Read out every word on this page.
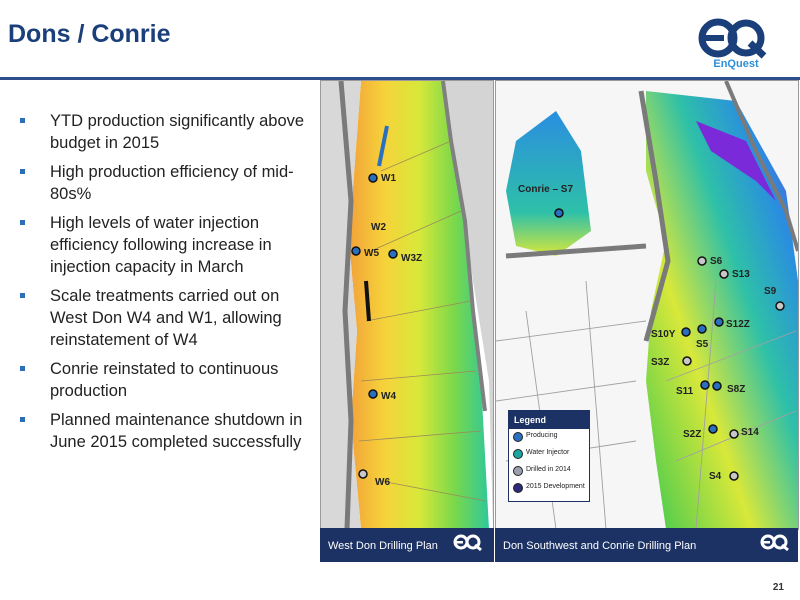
Dons / Conrie
EnQuest
YTD production significantly above budget in 2015
High production efficiency of mid-80s%
High levels of water injection efficiency following increase in injection capacity in March
Scale treatments carried out on West Don W4 and W1, allowing reinstatement of W4
Conrie reinstated to continuous production
Planned maintenance shutdown in June 2015 completed successfully
W1
W2
W5 W3Z
W4
W6
Conrie – S7
S6
S13
S9
S12Z
S10Y
S5
S3Z
S11	S8Z
S2Z	S14
S4
Legend
Producing
Water Injector
Drilled in 2014
2015 Development
West Don Drilling Plan	Don Southwest and Conrie Drilling Plan
21
